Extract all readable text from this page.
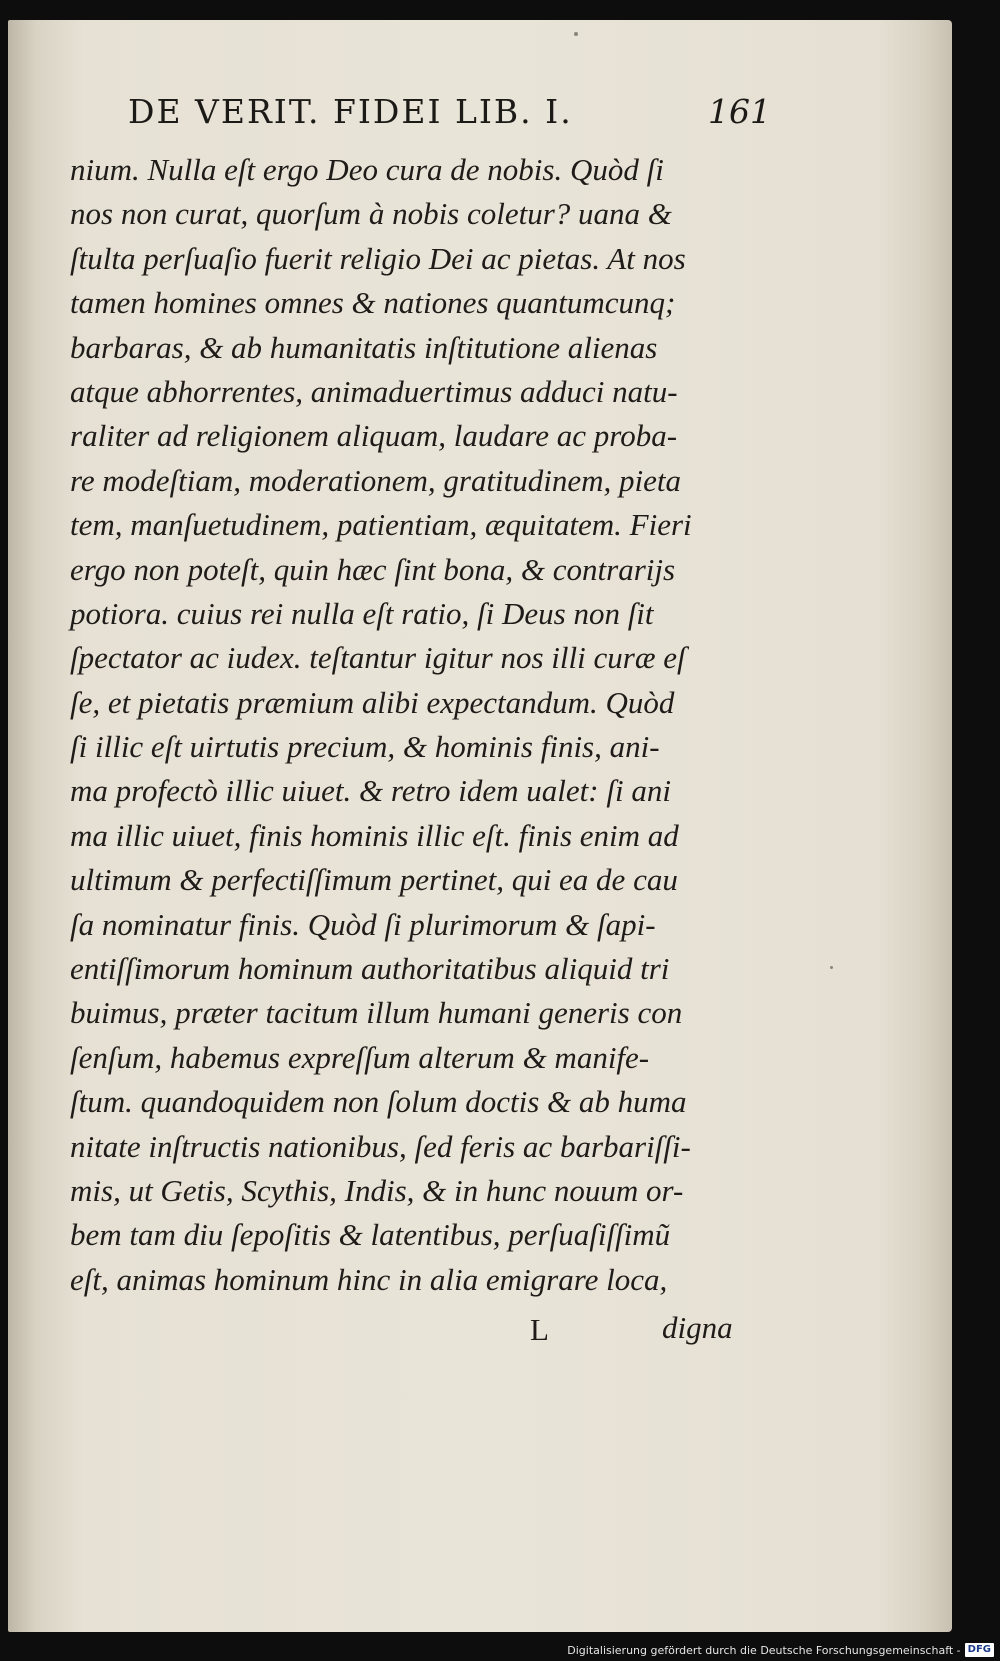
DE VERIT. FIDEI LIB. I.	161
nium. Nulla eſt ergo Deo cura de nobis. Quòd ſi
nos non curat, quorſum à nobis coletur? uana &
ſtulta perſuaſio fuerit religio Dei ac pietas. At nos
tamen homines omnes & nationes quantumcunq;
barbaras, & ab humanitatis inſtitutione alienas
atque abhorrentes, animaduertimus adduci natu-
raliter ad religionem aliquam, laudare ac proba-
re modeſtiam, moderationem, gratitudinem, pieta
tem, manſuetudinem, patientiam, æquitatem. Fieri
ergo non poteſt, quin hæc ſint bona, & contrarijs
potiora. cuius rei nulla eſt ratio, ſi Deus non ſit
ſpectator ac iudex. teſtantur igitur nos illi curæ eſ
ſe, et pietatis præmium alibi expectandum. Quòd
ſi illic eſt uirtutis precium, & hominis finis, ani-
ma profectò illic uiuet. & retro idem ualet: ſi ani
ma illic uiuet, finis hominis illic eſt. finis enim ad
ultimum & perfectiſſimum pertinet, qui ea de cau
ſa nominatur finis. Quòd ſi plurimorum & ſapi-
entiſſimorum hominum authoritatibus aliquid tri
buimus, præter tacitum illum humani generis con
ſenſum, habemus expreſſum alterum & manife-
ſtum. quandoquidem non ſolum doctis & ab huma
nitate inſtructis nationibus, ſed feris ac barbariſſi-
mis, ut Getis, Scythis, Indis, & in hunc nouum or-
bem tam diu ſepoſitis & latentibus, perſuaſiſſimũ
eſt, animas hominum hinc in alia emigrare loca,
L	digna
Digitalisierung gefördert durch die Deutsche Forschungsgemeinschaft - DFG
